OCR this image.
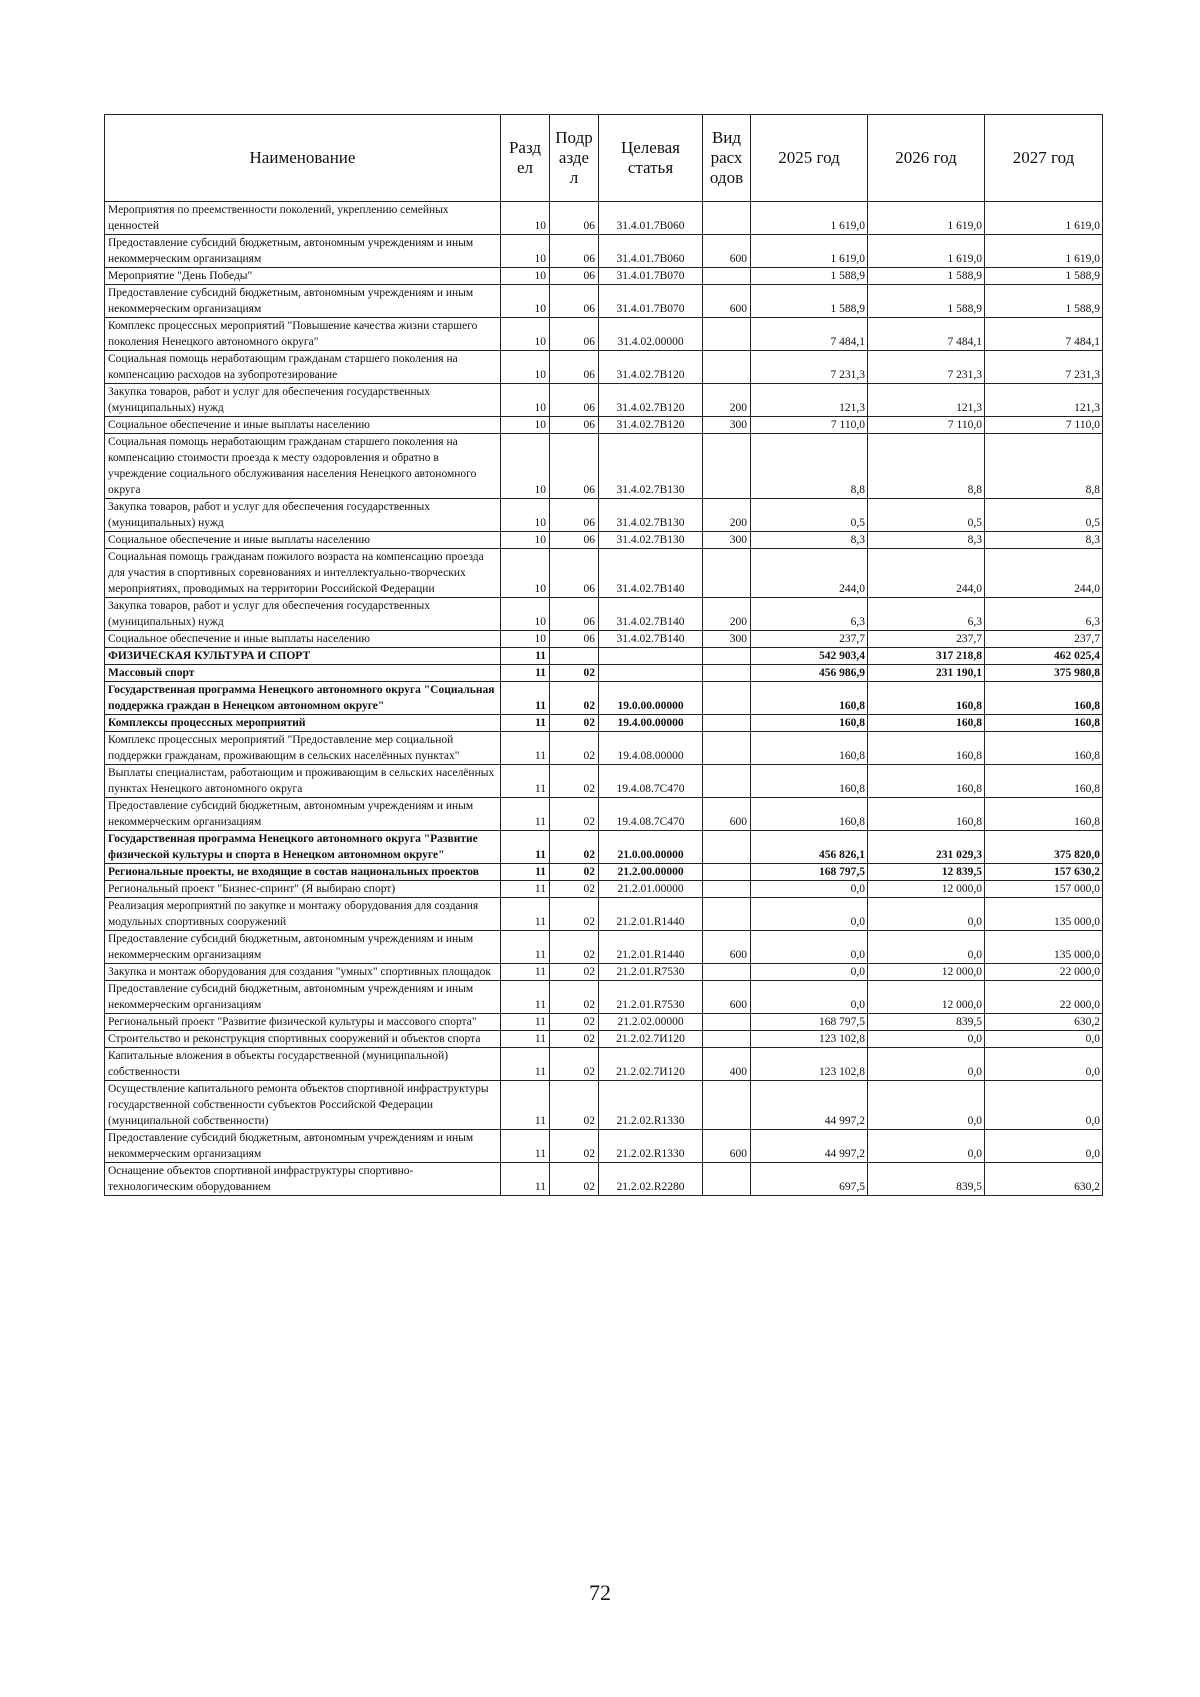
Наименование	Разд ел	Подр азде л	Целевая статья	Вид расх одов	2025 год	2026 год	2027 год
Мероприятия по преемственности поколений, укреплению семейных ценностей	10	06	31.4.01.7В060		1 619,0	1 619,0	1 619,0
Предоставление субсидий бюджетным, автономным учреждениям и иным некоммерческим организациям	10	06	31.4.01.7В060	600	1 619,0	1 619,0	1 619,0
Мероприятие "День Победы"	10	06	31.4.01.7В070		1 588,9	1 588,9	1 588,9
Предоставление субсидий бюджетным, автономным учреждениям и иным некоммерческим организациям	10	06	31.4.01.7В070	600	1 588,9	1 588,9	1 588,9
Комплекс процессных мероприятий "Повышение качества жизни старшего поколения Ненецкого автономного округа"	10	06	31.4.02.00000		7 484,1	7 484,1	7 484,1
Социальная помощь неработающим гражданам старшего поколения на компенсацию расходов на зубопротезирование	10	06	31.4.02.7В120		7 231,3	7 231,3	7 231,3
Закупка товаров, работ и услуг для обеспечения государственных (муниципальных) нужд	10	06	31.4.02.7В120	200	121,3	121,3	121,3
Социальное обеспечение и иные выплаты населению	10	06	31.4.02.7В120	300	7 110,0	7 110,0	7 110,0
Социальная помощь неработающим гражданам старшего поколения на компенсацию стоимости проезда к месту оздоровления и обратно в учреждение социального обслуживания населения Ненецкого автономного округа	10	06	31.4.02.7В130		8,8	8,8	8,8
Закупка товаров, работ и услуг для обеспечения государственных (муниципальных) нужд	10	06	31.4.02.7В130	200	0,5	0,5	0,5
Социальное обеспечение и иные выплаты населению	10	06	31.4.02.7В130	300	8,3	8,3	8,3
Социальная помощь гражданам пожилого возраста на компенсацию проезда для участия в спортивных соревнованиях и интеллектуально-творческих мероприятиях, проводимых на территории Российской Федерации	10	06	31.4.02.7В140		244,0	244,0	244,0
Закупка товаров, работ и услуг для обеспечения государственных (муниципальных) нужд	10	06	31.4.02.7В140	200	6,3	6,3	6,3
Социальное обеспечение и иные выплаты населению	10	06	31.4.02.7В140	300	237,7	237,7	237,7
ФИЗИЧЕСКАЯ КУЛЬТУРА И СПОРТ	11				542 903,4	317 218,8	462 025,4
Массовый спорт	11	02			456 986,9	231 190,1	375 980,8
Государственная программа Ненецкого автономного округа "Социальная поддержка граждан в Ненецком автономном округе"	11	02	19.0.00.00000		160,8	160,8	160,8
Комплексы процессных мероприятий	11	02	19.4.00.00000		160,8	160,8	160,8
Комплекс процессных мероприятий "Предоставление мер социальной поддержки гражданам, проживающим в сельских населённых пунктах"	11	02	19.4.08.00000		160,8	160,8	160,8
Выплаты специалистам, работающим и проживающим в сельских населённых пунктах Ненецкого автономного округа	11	02	19.4.08.7С470		160,8	160,8	160,8
Предоставление субсидий бюджетным, автономным учреждениям и иным некоммерческим организациям	11	02	19.4.08.7С470	600	160,8	160,8	160,8
Государственная программа Ненецкого автономного округа "Развитие физической культуры и спорта в Ненецком автономном округе"	11	02	21.0.00.00000		456 826,1	231 029,3	375 820,0
Региональные проекты, не входящие в состав национальных проектов	11	02	21.2.00.00000		168 797,5	12 839,5	157 630,2
Региональный проект "Бизнес-спринт" (Я выбираю спорт)	11	02	21.2.01.00000		0,0	12 000,0	157 000,0
Реализация мероприятий по закупке и монтажу оборудования для создания модульных спортивных сооружений	11	02	21.2.01.R1440		0,0	0,0	135 000,0
Предоставление субсидий бюджетным, автономным учреждениям и иным некоммерческим организациям	11	02	21.2.01.R1440	600	0,0	0,0	135 000,0
Закупка и монтаж оборудования для создания "умных" спортивных площадок	11	02	21.2.01.R7530		0,0	12 000,0	22 000,0
Предоставление субсидий бюджетным, автономным учреждениям и иным некоммерческим организациям	11	02	21.2.01.R7530	600	0,0	12 000,0	22 000,0
Региональный проект "Развитие физической культуры и массового спорта"	11	02	21.2.02.00000		168 797,5	839,5	630,2
Строительство и реконструкция спортивных сооружений и объектов спорта	11	02	21.2.02.7И120		123 102,8	0,0	0,0
Капитальные вложения в объекты государственной (муниципальной) собственности	11	02	21.2.02.7И120	400	123 102,8	0,0	0,0
Осуществление капитального ремонта объектов спортивной инфраструктуры государственной собственности субъектов Российской Федерации (муниципальной собственности)	11	02	21.2.02.R1330		44 997,2	0,0	0,0
Предоставление субсидий бюджетным, автономным учреждениям и иным некоммерческим организациям	11	02	21.2.02.R1330	600	44 997,2	0,0	0,0
Оснащение объектов спортивной инфраструктуры спортивно-технологическим оборудованием	11	02	21.2.02.R2280		697,5	839,5	630,2
72
